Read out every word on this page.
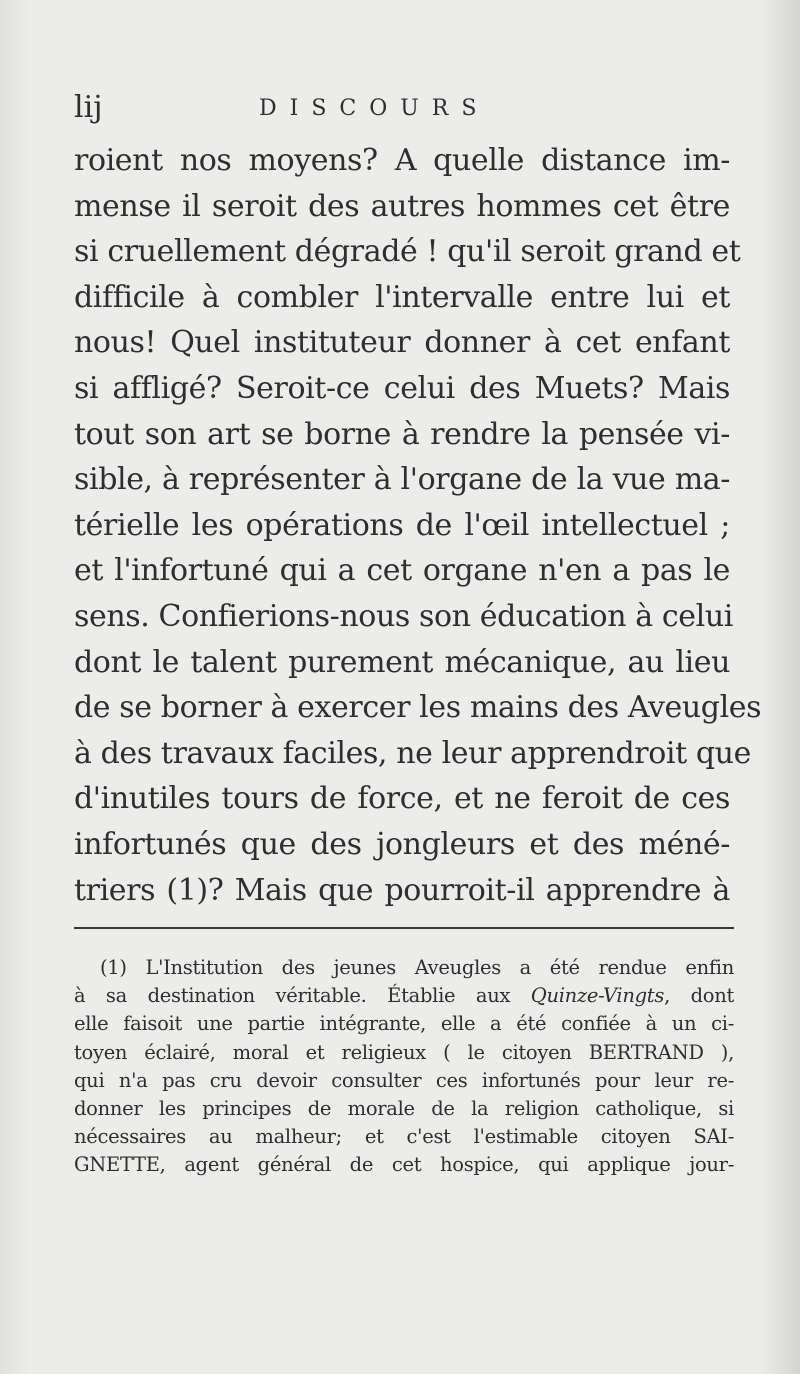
lij	DISCOURS
roient nos moyens? A quelle distance im-
mense il seroit des autres hommes cet être
si cruellement dégradé ! qu'il seroit grand et
difficile à combler l'intervalle entre lui et
nous! Quel instituteur donner à cet enfant
si affligé? Seroit-ce celui des Muets? Mais
tout son art se borne à rendre la pensée vi-
sible, à représenter à l'organe de la vue ma-
térielle les opérations de l'œil intellectuel ;
et l'infortuné qui a cet organe n'en a pas le
sens. Confierions-nous son éducation à celui
dont le talent purement mécanique, au lieu
de se borner à exercer les mains des Aveugles
à des travaux faciles, ne leur apprendroit que
d'inutiles tours de force, et ne feroit de ces
infortunés que des jongleurs et des méné-
triers (1)? Mais que pourroit-il apprendre à
(1) L'Institution des jeunes Aveugles a été rendue enfin
à sa destination véritable. Établie aux Quinze-Vingts, dont
elle faisoit une partie intégrante, elle a été confiée à un ci-
toyen éclairé, moral et religieux ( le citoyen BERTRAND ),
qui n'a pas cru devoir consulter ces infortunés pour leur re-
donner les principes de morale de la religion catholique, si
nécessaires au malheur; et c'est l'estimable citoyen SAI-
GNETTE, agent général de cet hospice, qui applique jour-
